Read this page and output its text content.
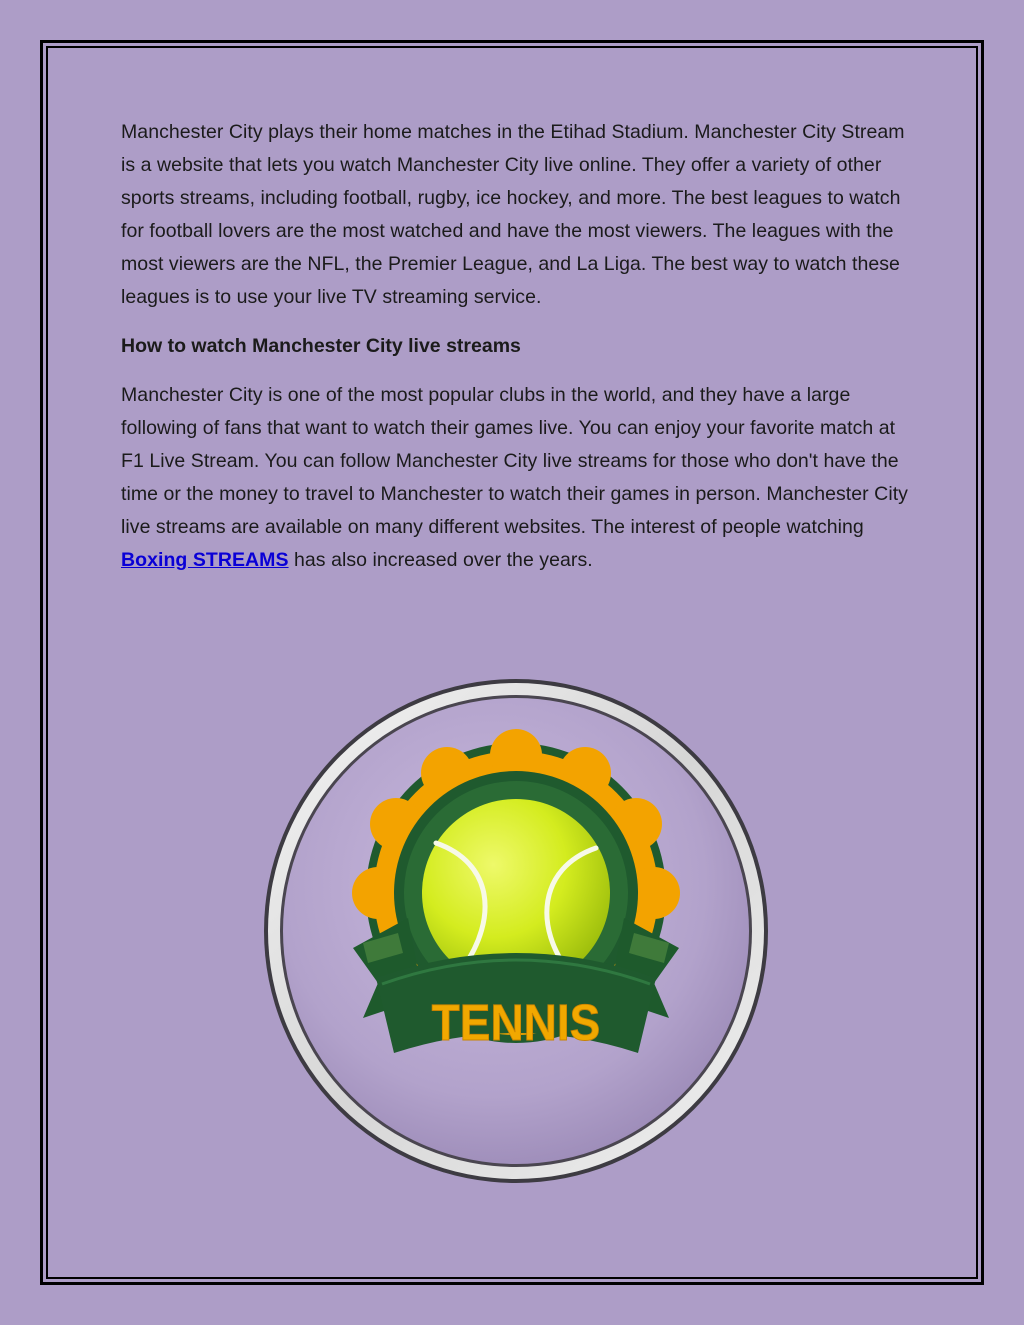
Manchester City plays their home matches in the Etihad Stadium. Manchester City Stream is a website that lets you watch Manchester City live online. They offer a variety of other sports streams, including football, rugby, ice hockey, and more. The best leagues to watch for football lovers are the most watched and have the most viewers. The leagues with the most viewers are the NFL, the Premier League, and La Liga. The best way to watch these leagues is to use your live TV streaming service.

How to watch Manchester City live streams

Manchester City is one of the most popular clubs in the world, and they have a large following of fans that want to watch their games live. You can enjoy your favorite match at F1 Live Stream. You can follow Manchester City live streams for those who don't have the time or the money to travel to Manchester to watch their games in person. Manchester City live streams are available on many different websites. The interest of people watching Boxing STREAMS has also increased over the years.

TENNIS
